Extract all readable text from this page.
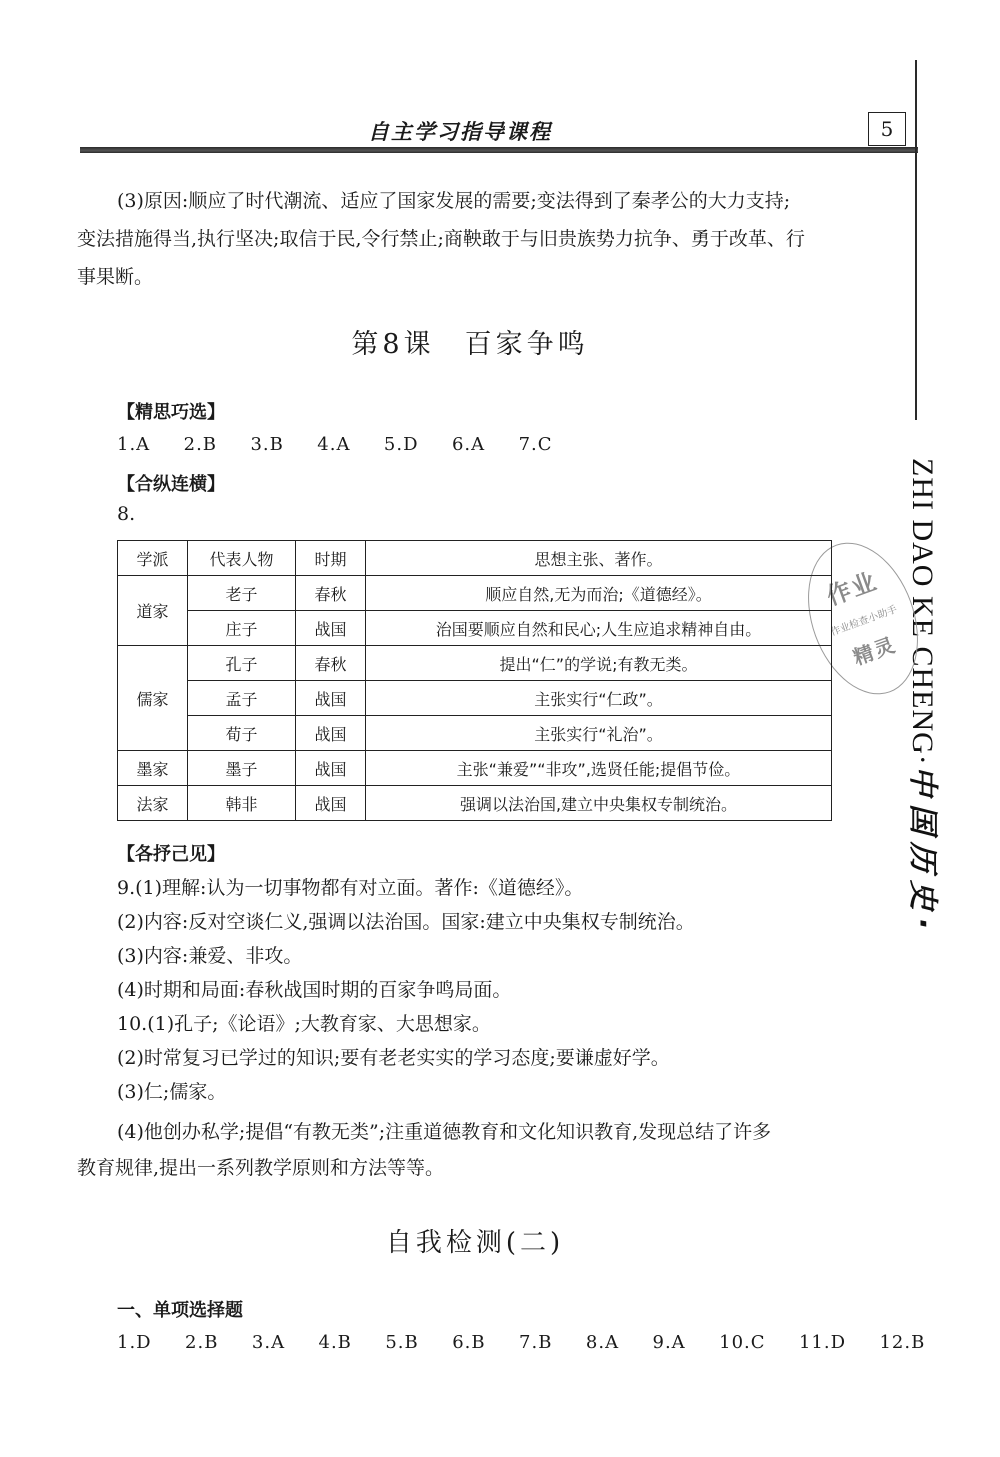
自主学习指导课程	5
ZHI DAO KE CHENG·中国历史·
作业
作业检查小助手
精灵
(3)原因:顺应了时代潮流、适应了国家发展的需要;变法得到了秦孝公的大力支持;
变法措施得当,执行坚决;取信于民,令行禁止;商鞅敢于与旧贵族势力抗争、勇于改革、行
事果断。
第8课 百家争鸣
【精思巧选】
1.A  2.B  3.B  4.A  5.D  6.A  7.C
【合纵连横】
8.
学派	代表人物	时期	思想主张、著作。
道家	老子	春秋	顺应自然,无为而治;《道德经》。
	庄子	战国	治国要顺应自然和民心;人生应追求精神自由。
儒家	孔子	春秋	提出“仁”的学说;有教无类。
	孟子	战国	主张实行“仁政”。
	荀子	战国	主张实行“礼治”。
墨家	墨子	战国	主张“兼爱”“非攻”,选贤任能;提倡节俭。
法家	韩非	战国	强调以法治国,建立中央集权专制统治。
【各抒己见】
9.(1)理解:认为一切事物都有对立面。著作:《道德经》。
(2)内容:反对空谈仁义,强调以法治国。国家:建立中央集权专制统治。
(3)内容:兼爱、非攻。
(4)时期和局面:春秋战国时期的百家争鸣局面。
10.(1)孔子;《论语》;大教育家、大思想家。
(2)时常复习已学过的知识;要有老老实实的学习态度;要谦虚好学。
(3)仁;儒家。
(4)他创办私学;提倡“有教无类”;注重道德教育和文化知识教育,发现总结了许多
教育规律,提出一系列教学原则和方法等等。
自我检测(二)
一、单项选择题
1.D  2.B  3.A  4.B  5.B  6.B  7.B  8.A  9.A  10.C  11.D  12.B
